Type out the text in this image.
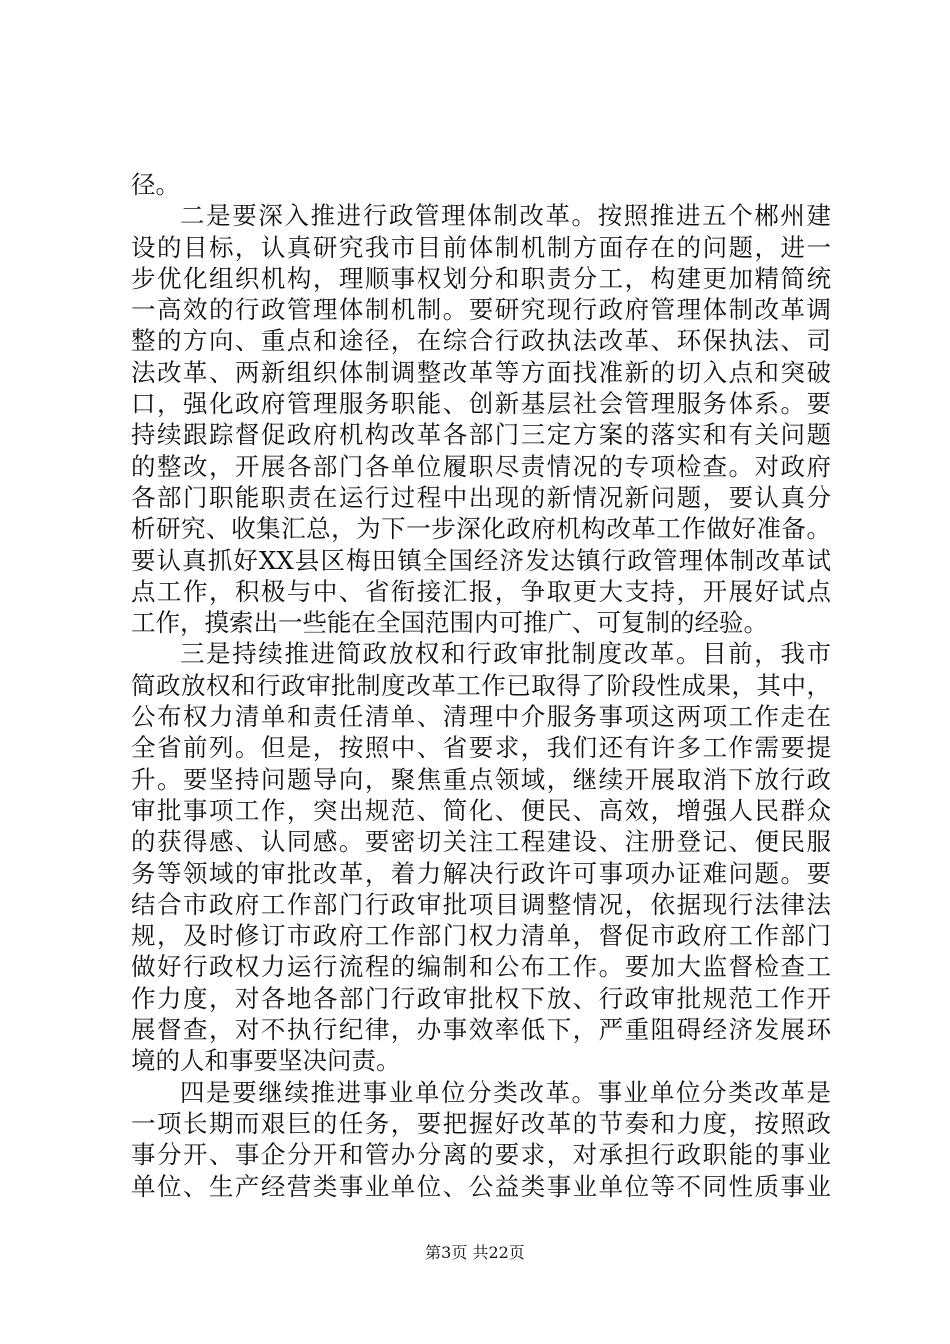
径。
二是要深入推进行政管理体制改革。按照推进五个郴州建
设的目标，认真研究我市目前体制机制方面存在的问题，进一
步优化组织机构，理顺事权划分和职责分工，构建更加精简统
一高效的行政管理体制机制。要研究现行政府管理体制改革调
整的方向、重点和途径，在综合行政执法改革、环保执法、司
法改革、两新组织体制调整改革等方面找准新的切入点和突破
口，强化政府管理服务职能、创新基层社会管理服务体系。要
持续跟踪督促政府机构改革各部门三定方案的落实和有关问题
的整改，开展各部门各单位履职尽责情况的专项检查。对政府
各部门职能职责在运行过程中出现的新情况新问题，要认真分
析研究、收集汇总，为下一步深化政府机构改革工作做好准备。
要认真抓好XX县区梅田镇全国经济发达镇行政管理体制改革试
点工作，积极与中、省衔接汇报，争取更大支持，开展好试点
工作，摸索出一些能在全国范围内可推广、可复制的经验。
三是持续推进简政放权和行政审批制度改革。目前，我市
简政放权和行政审批制度改革工作已取得了阶段性成果，其中，
公布权力清单和责任清单、清理中介服务事项这两项工作走在
全省前列。但是，按照中、省要求，我们还有许多工作需要提
升。要坚持问题导向，聚焦重点领域，继续开展取消下放行政
审批事项工作，突出规范、简化、便民、高效，增强人民群众
的获得感、认同感。要密切关注工程建设、注册登记、便民服
务等领域的审批改革，着力解决行政许可事项办证难问题。要
结合市政府工作部门行政审批项目调整情况，依据现行法律法
规，及时修订市政府工作部门权力清单，督促市政府工作部门
做好行政权力运行流程的编制和公布工作。要加大监督检查工
作力度，对各地各部门行政审批权下放、行政审批规范工作开
展督查，对不执行纪律，办事效率低下，严重阻碍经济发展环
境的人和事要坚决问责。
四是要继续推进事业单位分类改革。事业单位分类改革是
一项长期而艰巨的任务，要把握好改革的节奏和力度，按照政
事分开、事企分开和管办分离的要求，对承担行政职能的事业
单位、生产经营类事业单位、公益类事业单位等不同性质事业
第3页 共22页
